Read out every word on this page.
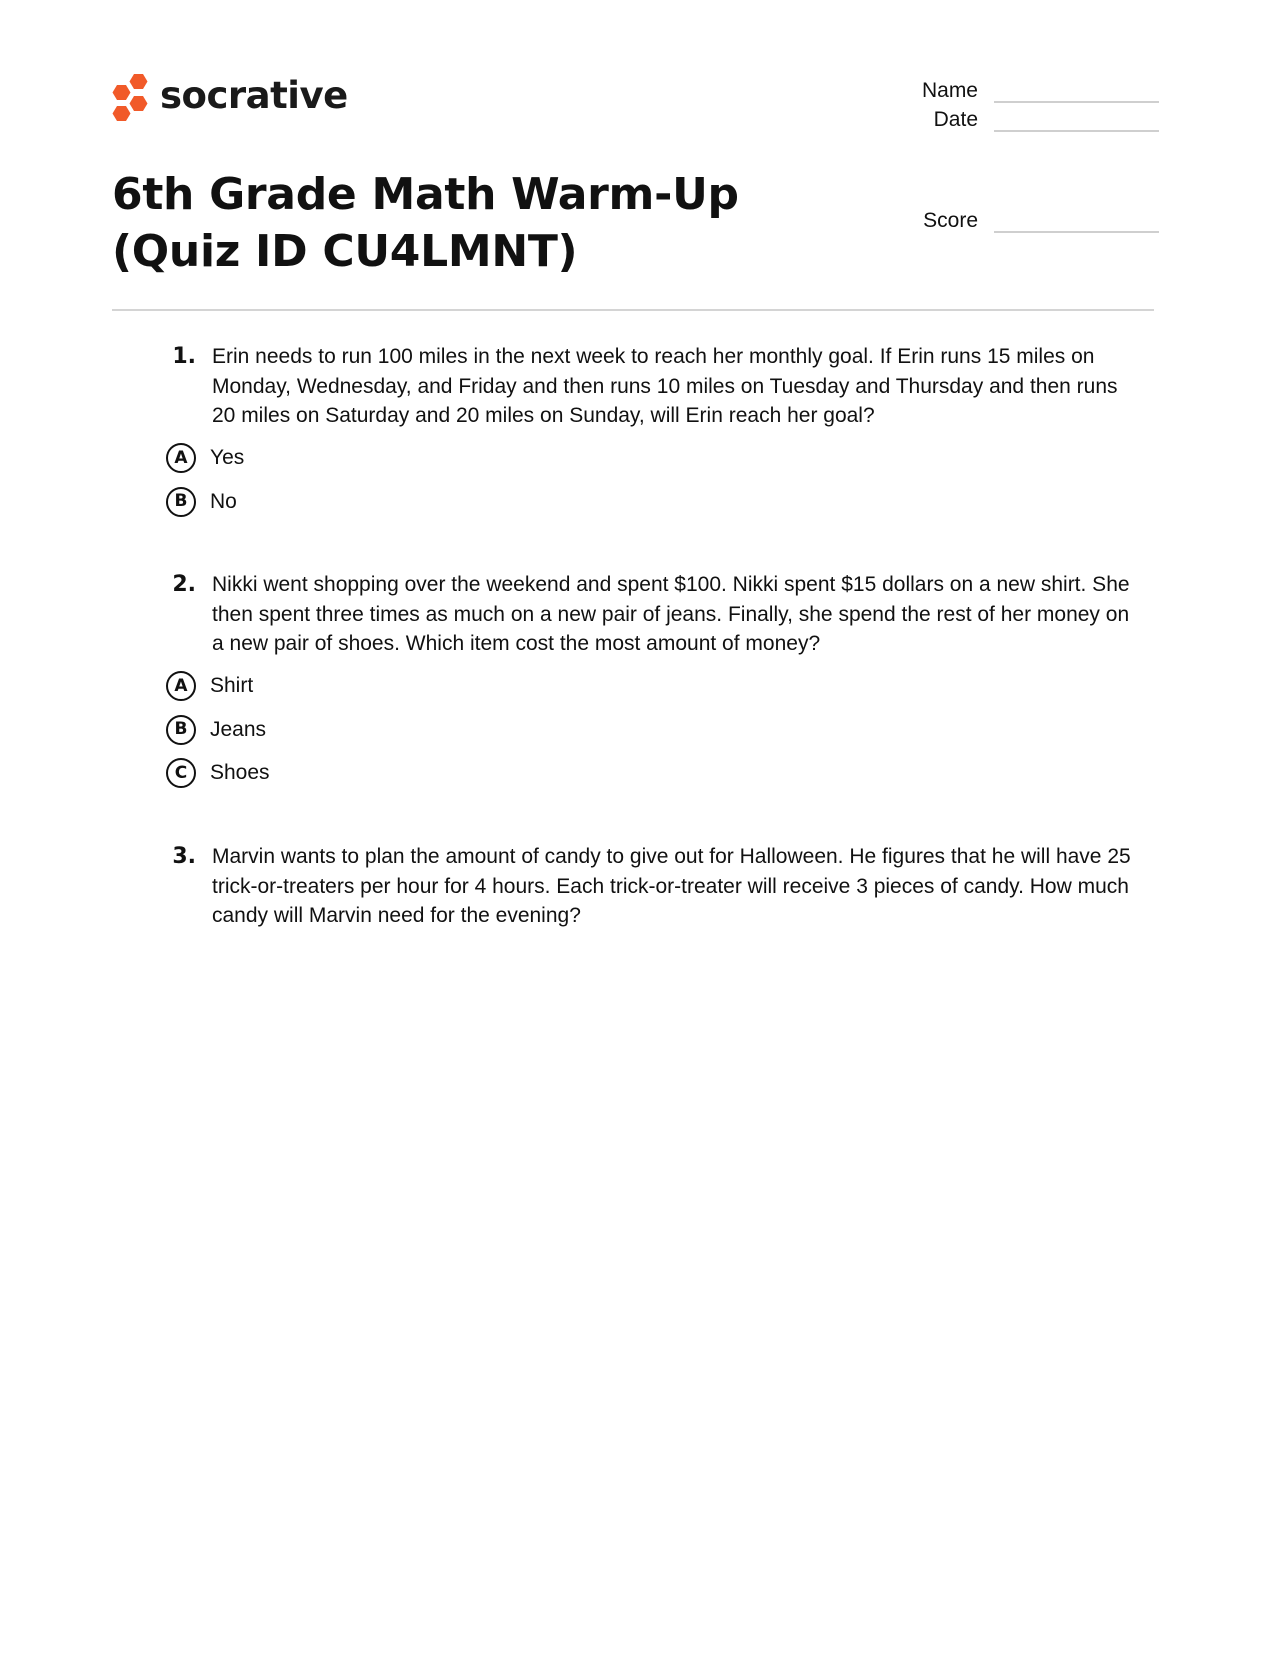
socrative
6th Grade Math Warm-Up (Quiz ID CU4LMNT)
Name
Date
Score
1. Erin needs to run 100 miles in the next week to reach her monthly goal. If Erin runs 15 miles on Monday, Wednesday, and Friday and then runs 10 miles on Tuesday and Thursday and then runs 20 miles on Saturday and 20 miles on Sunday, will Erin reach her goal?
A	Yes
B	No
2. Nikki went shopping over the weekend and spent $100. Nikki spent $15 dollars on a new shirt. She then spent three times as much on a new pair of jeans. Finally, she spend the rest of her money on a new pair of shoes. Which item cost the most amount of money?
A	Shirt
B	Jeans
C	Shoes
3. Marvin wants to plan the amount of candy to give out for Halloween. He figures that he will have 25 trick-or-treaters per hour for 4 hours. Each trick-or-treater will receive 3 pieces of candy. How much candy will Marvin need for the evening?
